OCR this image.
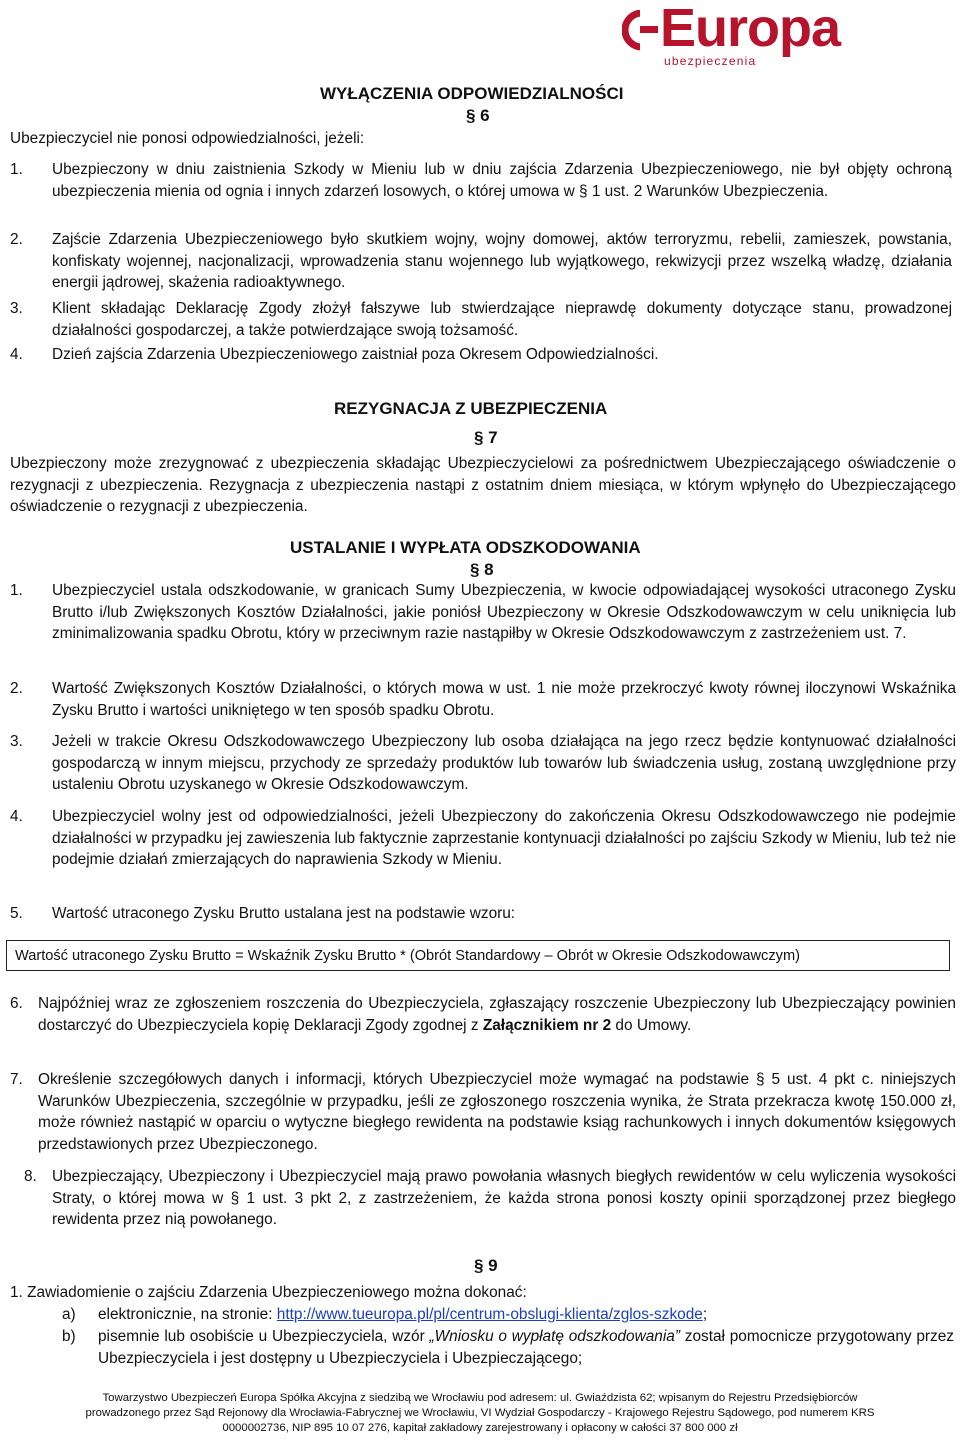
Europa
ubezpieczenia
WYŁĄCZENIA ODPOWIEDZIALNOŚCI
§ 6
Ubezpieczyciel nie ponosi odpowiedzialności, jeżeli:
1. Ubezpieczony w dniu zaistnienia Szkody w Mieniu lub w dniu zajścia Zdarzenia Ubezpieczeniowego, nie był objęty ochroną ubezpieczenia mienia od ognia i innych zdarzeń losowych, o której umowa w § 1 ust. 2 Warunków Ubezpieczenia.
2. Zajście Zdarzenia Ubezpieczeniowego było skutkiem wojny, wojny domowej, aktów terroryzmu, rebelii, zamieszek, powstania, konfiskaty wojennej, nacjonalizacji, wprowadzenia stanu wojennego lub wyjątkowego, rekwizycji przez wszelką władzę, działania energii jądrowej, skażenia radioaktywnego.
3. Klient składając Deklarację Zgody złożył fałszywe lub stwierdzające nieprawdę dokumenty dotyczące stanu, prowadzonej działalności gospodarczej, a także potwierdzające swoją tożsamość.
4. Dzień zajścia Zdarzenia Ubezpieczeniowego zaistniał poza Okresem Odpowiedzialności.
REZYGNACJA Z UBEZPIECZENIA
§ 7
Ubezpieczony może zrezygnować z ubezpieczenia składając Ubezpieczycielowi za pośrednictwem Ubezpieczającego oświadczenie o rezygnacji z ubezpieczenia. Rezygnacja z ubezpieczenia nastąpi z ostatnim dniem miesiąca, w którym wpłynęło do Ubezpieczającego oświadczenie o rezygnacji z ubezpieczenia.
USTALANIE I WYPŁATA ODSZKODOWANIA
§ 8
1. Ubezpieczyciel ustala odszkodowanie, w granicach Sumy Ubezpieczenia, w kwocie odpowiadającej wysokości utraconego Zysku Brutto i/lub Zwiększonych Kosztów Działalności, jakie poniósł Ubezpieczony w Okresie Odszkodowawczym w celu uniknięcia lub zminimalizowania spadku Obrotu, który w przeciwnym razie nastąpiłby w Okresie Odszkodowawczym z zastrzeżeniem ust. 7.
2. Wartość Zwiększonych Kosztów Działalności, o których mowa w ust. 1 nie może przekroczyć kwoty równej iloczynowi Wskaźnika Zysku Brutto i wartości unikniętego w ten sposób spadku Obrotu.
3. Jeżeli w trakcie Okresu Odszkodowawczego Ubezpieczony lub osoba działająca na jego rzecz będzie kontynuować działalności gospodarczą w innym miejscu, przychody ze sprzedaży produktów lub towarów lub świadczenia usług, zostaną uwzględnione przy ustaleniu Obrotu uzyskanego w Okresie Odszkodowawczym.
4. Ubezpieczyciel wolny jest od odpowiedzialności, jeżeli Ubezpieczony do zakończenia Okresu Odszkodowawczego nie podejmie działalności w przypadku jej zawieszenia lub faktycznie zaprzestanie kontynuacji działalności po zajściu Szkody w Mieniu, lub też nie podejmie działań zmierzających do naprawienia Szkody w Mieniu.
5. Wartość utraconego Zysku Brutto ustalana jest na podstawie wzoru:
Wartość utraconego Zysku Brutto = Wskaźnik Zysku Brutto * (Obrót Standardowy – Obrót w Okresie Odszkodowawczym)
6. Najpóźniej wraz ze zgłoszeniem roszczenia do Ubezpieczyciela, zgłaszający roszczenie Ubezpieczony lub Ubezpieczający powinien dostarczyć do Ubezpieczyciela kopię Deklaracji Zgody zgodnej z Załącznikiem nr 2 do Umowy.
7. Określenie szczegółowych danych i informacji, których Ubezpieczyciel może wymagać na podstawie § 5 ust. 4 pkt c. niniejszych Warunków Ubezpieczenia, szczególnie w przypadku, jeśli ze zgłoszonego roszczenia wynika, że Strata przekracza kwotę 150.000 zł, może również nastąpić w oparciu o wytyczne biegłego rewidenta na podstawie ksiąg rachunkowych i innych dokumentów księgowych przedstawionych przez Ubezpieczonego.
8. Ubezpieczający, Ubezpieczony i Ubezpieczyciel mają prawo powołania własnych biegłych rewidentów w celu wyliczenia wysokości Straty, o której mowa w § 1 ust. 3 pkt 2, z zastrzeżeniem, że każda strona ponosi koszty opinii sporządzonej przez biegłego rewidenta przez nią powołanego.
§ 9
1. Zawiadomienie o zajściu Zdarzenia Ubezpieczeniowego można dokonać:
a) elektronicznie, na stronie: http://www.tueuropa.pl/pl/centrum-obslugi-klienta/zglos-szkode;
b) pisemnie lub osobiście u Ubezpieczyciela, wzór „Wniosku o wypłatę odszkodowania” został pomocnicze przygotowany przez Ubezpieczyciela i jest dostępny u Ubezpieczyciela i Ubezpieczającego;
Towarzystwo Ubezpieczeń Europa Spółka Akcyjna z siedzibą we Wrocławiu pod adresem: ul. Gwiaździsta 62; wpisanym do Rejestru Przedsiębiorców
prowadzonego przez Sąd Rejonowy dla Wrocławia-Fabrycznej we Wrocławiu, VI Wydział Gospodarczy - Krajowego Rejestru Sądowego, pod numerem KRS
0000002736, NIP 895 10 07 276, kapitał zakładowy zarejestrowany i opłacony w całości 37 800 000 zł
